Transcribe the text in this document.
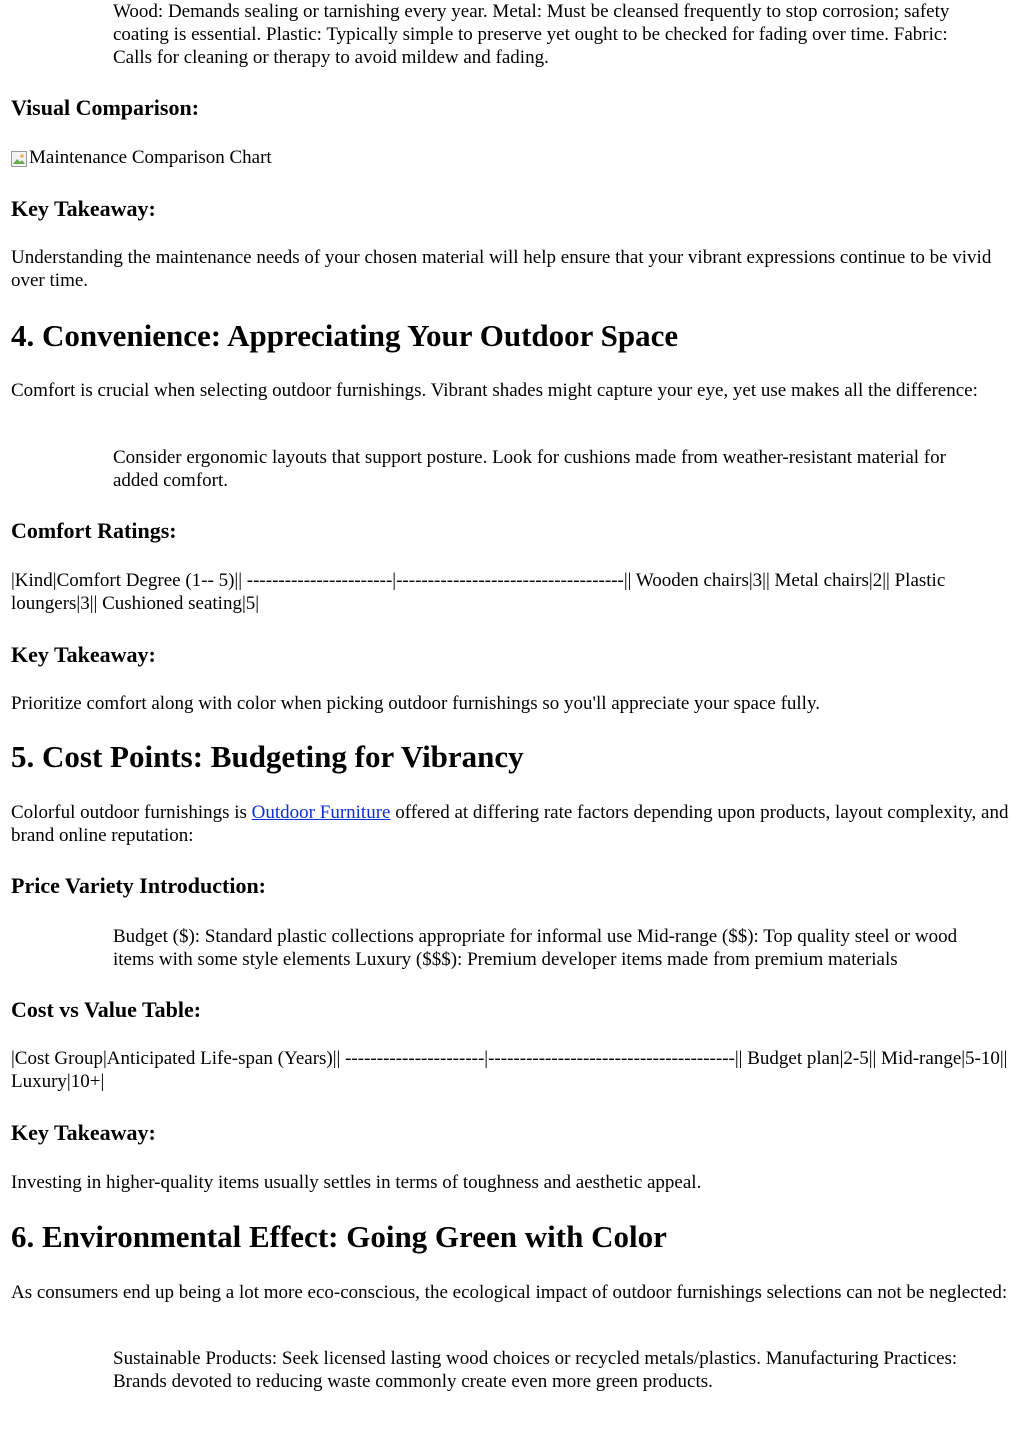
Wood: Demands sealing or tarnishing every year. Metal: Must be cleansed frequently to stop corrosion; safety coating is essential. Plastic: Typically simple to preserve yet ought to be checked for fading over time. Fabric: Calls for cleaning or therapy to avoid mildew and fading.

Visual Comparison:
Maintenance Comparison Chart
Key Takeaway:

Understanding the maintenance needs of your chosen material will help ensure that your vibrant expressions continue to be vivid over time.

4. Convenience: Appreciating Your Outdoor Space

Comfort is crucial when selecting outdoor furnishings. Vibrant shades might capture your eye, yet use makes all the difference:

Consider ergonomic layouts that support posture. Look for cushions made from weather-resistant material for added comfort.

Comfort Ratings:

|Kind|Comfort Degree (1-- 5)|| -----------------------|------------------------------------|| Wooden chairs|3|| Metal chairs|2|| Plastic loungers|3|| Cushioned seating|5|

Key Takeaway:

Prioritize comfort along with color when picking outdoor furnishings so you'll appreciate your space fully.

5. Cost Points: Budgeting for Vibrancy

Colorful outdoor furnishings is Outdoor Furniture offered at differing rate factors depending upon products, layout complexity, and brand online reputation:

Price Variety Introduction:

Budget ($): Standard plastic collections appropriate for informal use Mid-range ($$): Top quality steel or wood items with some style elements Luxury ($$$): Premium developer items made from premium materials

Cost vs Value Table:

|Cost Group|Anticipated Life-span (Years)|| ----------------------|---------------------------------------|| Budget plan|2-5|| Mid-range|5-10|| Luxury|10+|

Key Takeaway:

Investing in higher-quality items usually settles in terms of toughness and aesthetic appeal.

6. Environmental Effect: Going Green with Color

As consumers end up being a lot more eco-conscious, the ecological impact of outdoor furnishings selections can not be neglected:

Sustainable Products: Seek licensed lasting wood choices or recycled metals/plastics. Manufacturing Practices: Brands devoted to reducing waste commonly create even more green products.
